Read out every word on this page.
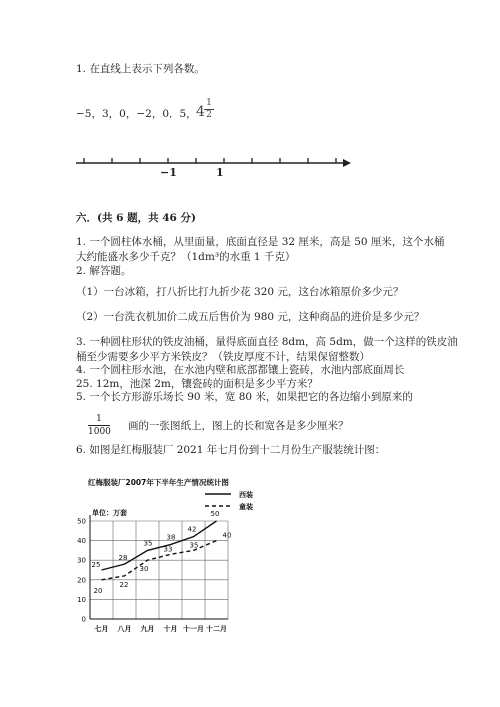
1. 在直线上表示下列各数。
−5，3，0，−2，0．5， $4 \frac{1}{2}$
−1	1
六．(共 6 题，共 46 分)
1. 一个圆柱体水桶，从里面量，底面直径是 32 厘米，高是 50 厘米，这个水桶
大约能盛水多少千克？（1dm³的水重 1 千克）
2. 解答题。
（1）一台冰箱，打八折比打九折少花 320 元，这台冰箱原价多少元？
（2）一台洗衣机加价二成五后售价为 980 元，这种商品的进价是多少元？
3. 一种圆柱形状的铁皮油桶，量得底面直径 8dm，高 5dm，做一个这样的铁皮油
桶至少需要多少平方米铁皮？（铁皮厚度不计，结果保留整数）
4. 一个圆柱形水池，在水池内壁和底部都镶上瓷砖，水池内部底面周长
25. 12m，池深 2m，镶瓷砖的面积是多少平方米？
5. 一个长方形游乐场长 90 米，宽 80 米，如果把它的各边缩小到原来的
$\frac{1}{1000}$ 画的一张图纸上，图上的长和宽各是多少厘米？
6. 如图是红梅服装厂 2021 年七月份到十二月份生产服装统计图：
红梅服装厂2007年下半年生产情况统计图
单位：万套
西装
童装
0
10
20
30
40
50
七月 八月 九月 十月 十一月 十二月
25
28
35
38
42
50
20
22
30
33 35
40
